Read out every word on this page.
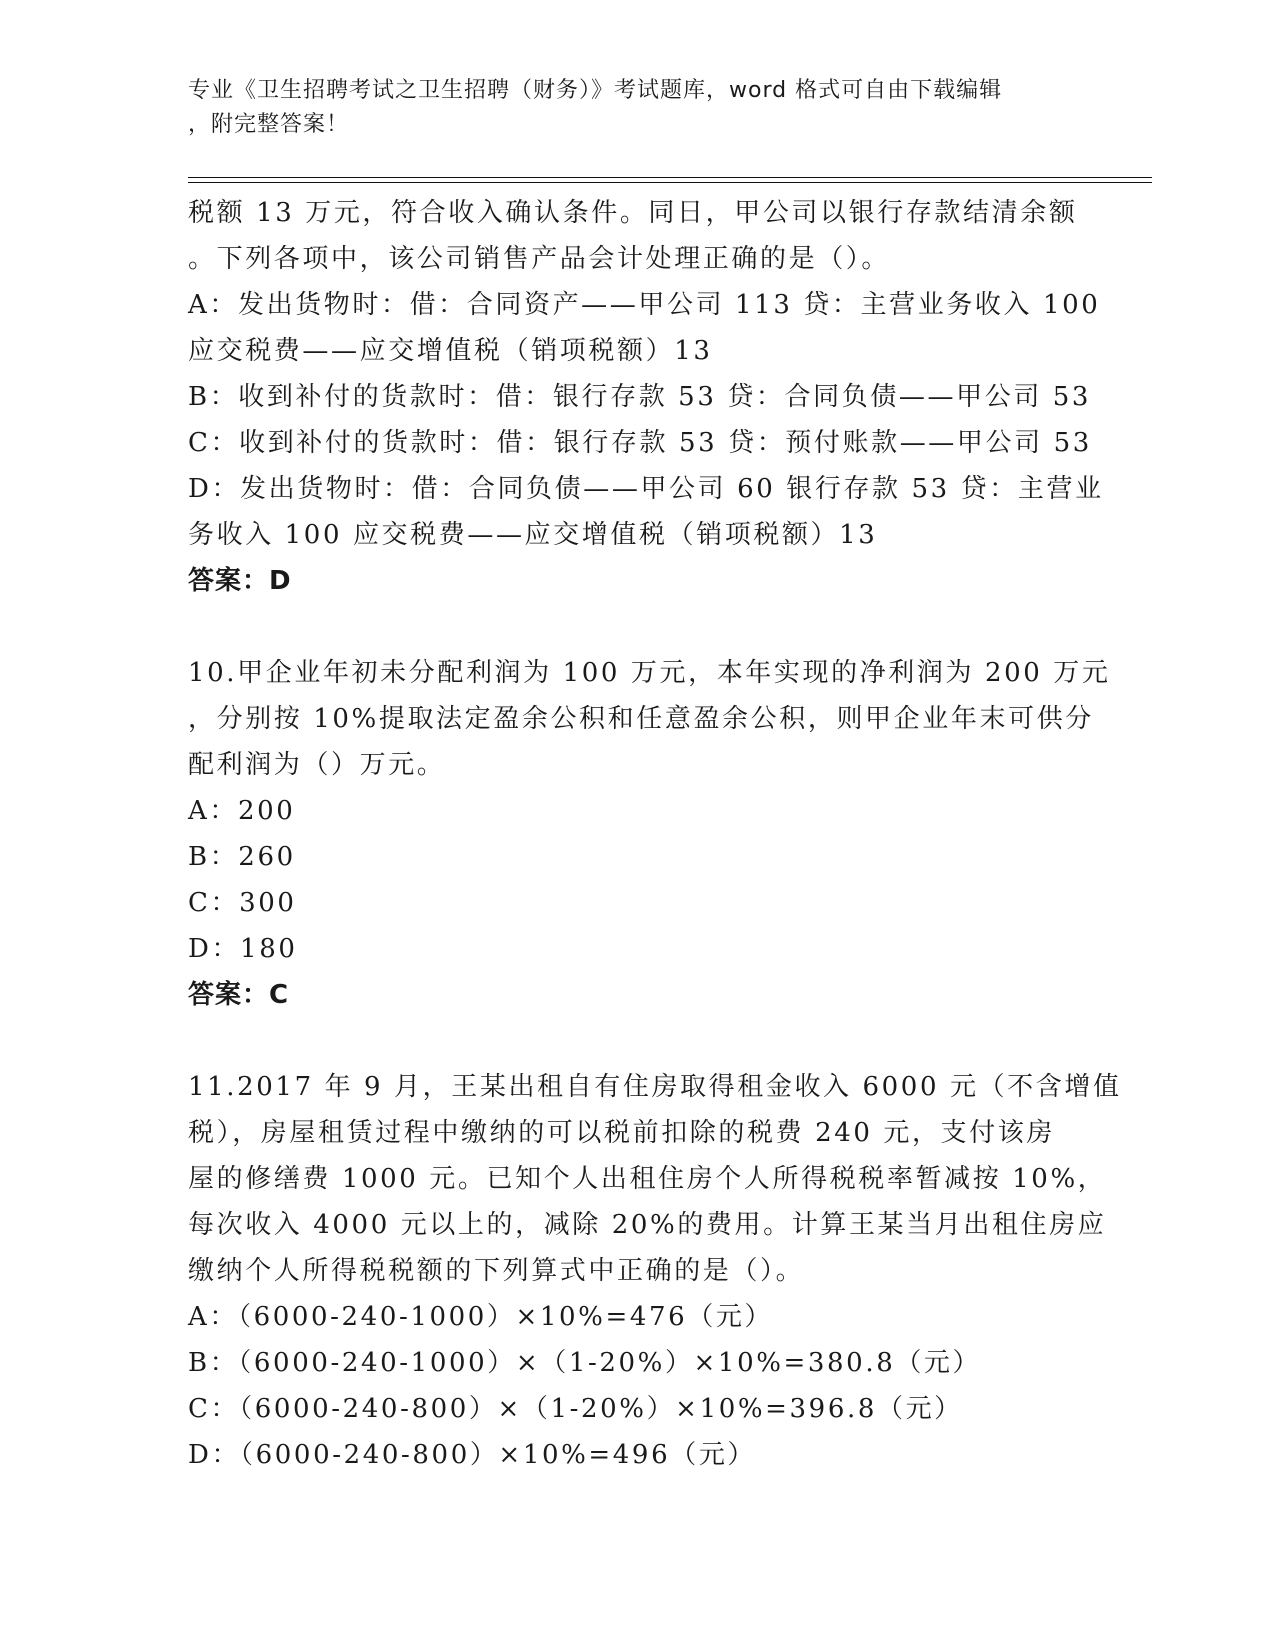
专业《卫生招聘考试之卫生招聘（财务）》考试题库，word 格式可自由下载编辑
，附完整答案！
税额 13 万元，符合收入确认条件。同日，甲公司以银行存款结清余额
。下列各项中，该公司销售产品会计处理正确的是（）。
A：发出货物时：借：合同资产——甲公司 113 贷：主营业务收入 100
应交税费——应交增值税（销项税额）13
B：收到补付的货款时：借：银行存款 53 贷：合同负债——甲公司 53
C：收到补付的货款时：借：银行存款 53 贷：预付账款——甲公司 53
D：发出货物时：借：合同负债——甲公司 60 银行存款 53 贷：主营业
务收入 100 应交税费——应交增值税（销项税额）13
答案：D
10.甲企业年初未分配利润为 100 万元，本年实现的净利润为 200 万元
，分别按 10%提取法定盈余公积和任意盈余公积，则甲企业年末可供分
配利润为（）万元。
A：200
B：260
C：300
D：180
答案：C
11.2017 年 9 月，王某出租自有住房取得租金收入 6000 元（不含增值
税），房屋租赁过程中缴纳的可以税前扣除的税费 240 元，支付该房
屋的修缮费 1000 元。已知个人出租住房个人所得税税率暂减按 10%，
每次收入 4000 元以上的，减除 20%的费用。计算王某当月出租住房应
缴纳个人所得税税额的下列算式中正确的是（）。
A：（6000-240-1000）×10%=476（元）
B：（6000-240-1000）×（1-20%）×10%=380.8（元）
C：（6000-240-800）×（1-20%）×10%=396.8（元）
D：（6000-240-800）×10%=496（元）
